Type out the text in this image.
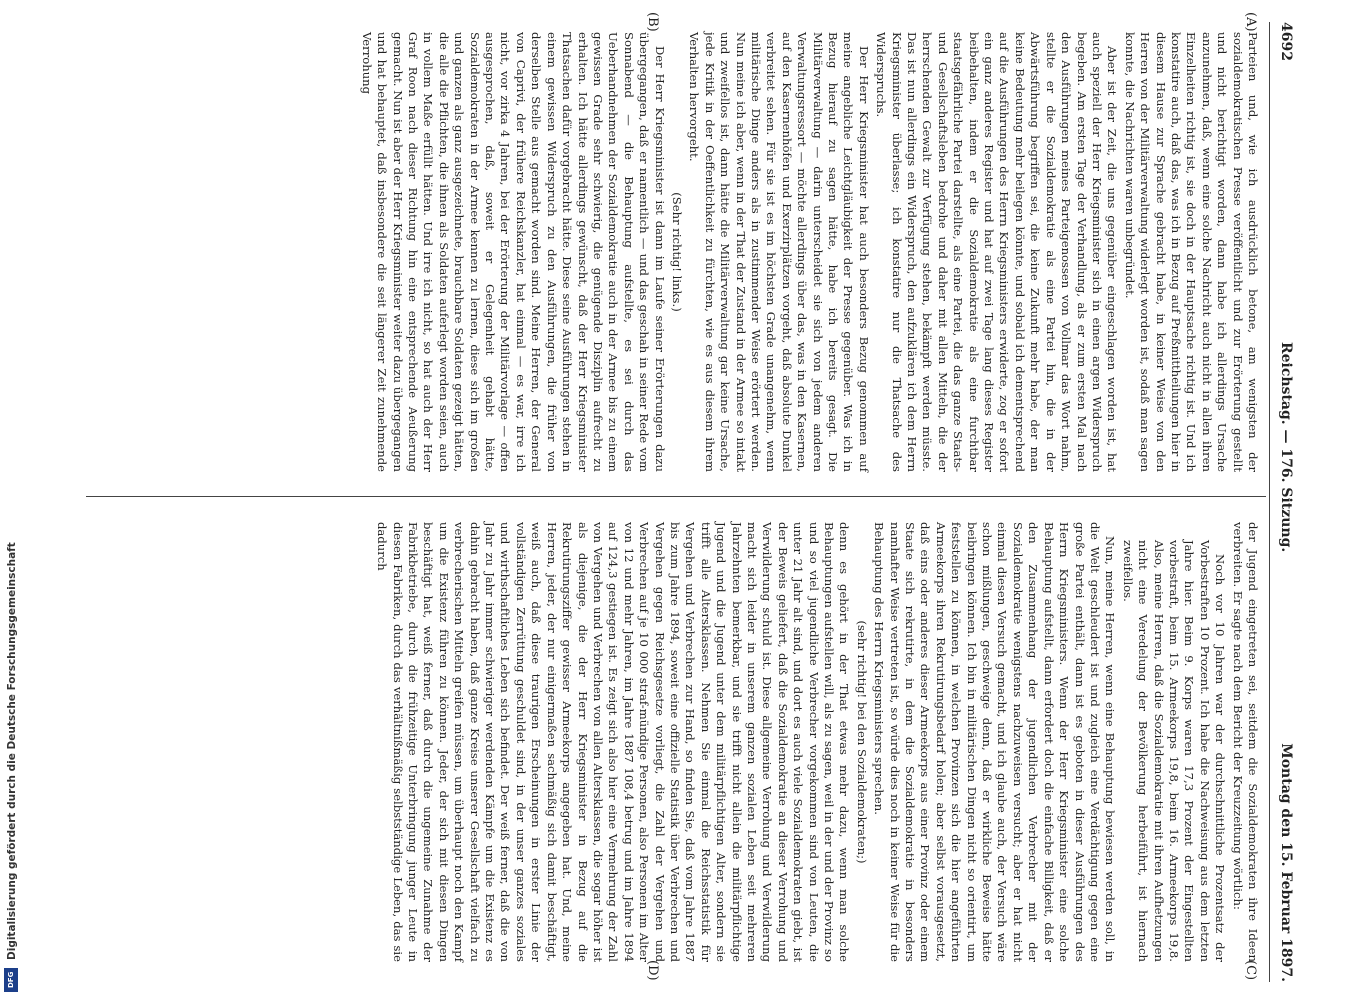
Digitalisierung gefördert durch die Deutsche Forschungsgemeinschaft
DFG
4692
Reichstag. — 176. Sitzung.
Montag den 15. Februar 1897.
(A)
(B)
(C)
(D)

Parteien und, wie ich ausdrücklich betone, am wenigsten der sozialdemokratischen Presse veröffentlicht und zur Erörterung gestellt und nicht berichtigt worden, dann habe ich allerdings Ursache anzunehmen, daß, wenn eine solche Nachricht auch nicht in allen ihren Einzelheiten richtig ist, sie doch in der Hauptsache richtig ist. Und ich konstatire auch, daß das, was ich in Bezug auf Preßmittheilungen hier in diesem Hause zur Sprache gebracht habe, in keiner Weise von den Herren von der Militärverwaltung widerlegt worden ist, sodaß man sagen konnte, die Nachrichten waren unbegründet.

Aber ist der Zeit, die uns gegenüber eingeschlagen worden ist, hat auch speziell der Herr Kriegsminister sich in einen argen Widerspruch begeben. Am ersten Tage der Verhandlung, als er zum ersten Mal nach den Ausführungen meines Parteigenossen von Vollmar das Wort nahm, stellte er die Sozialdemokratie als eine Partei hin, die in der Abwärtsführung begriffen sei, die keine Zukunft mehr habe, der man keine Bedeutung mehr beilegen könnte, und sobald ich dementsprechend auf die Ausführungen des Herrn Kriegsministers erwiderte, zog er sofort ein ganz anderes Register und hat auf zwei Tage lang dieses Register beibehalten, indem er die Sozialdemokratie als eine furchtbar staatsgefährliche Partei darstellte, als eine Partei, die das ganze Staats- und Gesellschaftsleben bedrohe und daher mit allen Mitteln, die der herrschenden Gewalt zur Verfügung stehen, bekämpft werden müsste. Das ist nun allerdings ein Widerspruch, den aufzuklären ich dem Herrn Kriegsminister überlasse; ich konstatire nur die Thatsache des Widerspruchs.

Der Herr Kriegsminister hat auch besonders Bezug genommen auf meine angebliche Leichtgläubigkeit der Presse gegenüber. Was ich in Bezug hierauf zu sagen hätte, habe ich bereits gesagt. Die Militärverwaltung — darin unterscheidet sie sich von jedem anderen Verwaltungsressort — möchte allerdings über das, was in den Kasernen, auf den Kasernenhöfen und Exerzirplätzen vorgeht, daß absolute Dunkel verbreitet sehen. Für sie ist es im höchsten Grade unangenehm, wenn militärische Dinge anders als in zustimmender Weise erörtert werden. Nun meine ich aber, wenn in der That der Zustand in der Armee so intakt und zweifellos ist, dann hätte die Militärverwaltung gar keine Ursache, jede Kritik in der Oeffentlichkeit zu fürchten, wie es aus diesem ihrem Verhalten hervorgeht.

(Sehr richtig! links.)

Der Herr Kriegsminister ist dann im Laufe seiner Erörterungen dazu übergegangen, daß er namentlich — und das geschah in seiner Rede vom Sonnabend — die Behauptung aufstellte, es sei durch das Ueberhandnehmen der Sozialdemokratie auch in der Armee bis zu einem gewissen Grade sehr schwierig, die genügende Disziplin aufrecht zu erhalten. Ich hätte allerdings gewünscht, daß der Herr Kriegsminister Thatsachen dafür vorgebracht hätte. Diese seine Ausführungen stehen in einem gewissen Widerspruch zu den Ausführungen, die früher von derselben Stelle aus gemacht worden sind. Meine Herren, der General von Caprivi, der frühere Reichskanzler, hat einmal — es war, irre ich nicht, vor zirka 4 Jahren, bei der Erörterung der Militärvorlage — offen ausgesprochen, daß, soweit er Gelegenheit gehabt hätte, Sozialdemokraten in der Armee kennen zu lernen, diese sich im großen und ganzen als ganz ausgezeichnete, brauchbare Soldaten gezeigt hätten, die alle die Pflichten, die ihnen als Soldaten auferlegt worden seien, auch in vollem Maße erfüllt hätten. Und irre ich nicht, so hat auch der Herr Graf Roon nach dieser Richtung hin eine entsprechende Aeußerung gemacht. Nun ist aber der Herr Kriegsminister weiter dazu übergegangen und hat behauptet, daß insbesondere die seit längerer Zeit zunehmende Verrohung

der Jugend eingetreten sei, seitdem die Sozialdemokraten ihre Ideen verbreiten. Er sagte nach dem Bericht der Kreuzzeitung wörtlich:

Noch vor 10 Jahren war der durchschnittliche Prozentsatz der Vorbestraften 10 Prozent. Ich habe die Nachweisung aus dem letzten Jahre hier. Beim 9. Korps waren 17,3 Prozent der Eingestellten vorbestraft, beim 15. Armeekorps 19,8, beim 16. Armeekorps 19,8. Also, meine Herren, daß die Sozialdemokratie mit ihren Aufhetzungen nicht eine Veredelung der Bevölkerung herbeiführt, ist hiernach zweifellos.

Nun, meine Herren, wenn eine Behauptung bewiesen werden soll, in die Welt geschleudert ist und zugleich eine Verdächtigung gegen eine große Partei enthält, dann ist es geboten in dieser Ausführungen des Herrn Kriegsministers. Wenn der Herr Kriegsminister eine solche Behauptung aufstellt, dann erfordert doch die einfache Billigkeit, daß er den Zusammenhang der jugendlichen Verbrecher mit der Sozialdemokratie wenigstens nachzuweisen versucht; aber er hat nicht einmal diesen Versuch gemacht, und ich glaube auch, der Versuch wäre schon mißlungen, geschweige denn, daß er wirkliche Beweise hätte beibringen können. Ich bin in militärischen Dingen nicht so orientirt, um feststellen zu können, in welchen Provinzen sich die hier angeführten Armeekorps ihren Rekrutirungsbedarf holen; aber selbst vorausgesetzt, daß eins oder anderes dieser Armeekorps aus einer Provinz oder einem Staate sich rekrutirte, in dem die Sozialdemokratie in besonders namhafter Weise vertreten ist, so würde dies noch in keiner Weise für die Behauptung des Herrn Kriegsministers sprechen.

(sehr richtig! bei den Sozialdemokraten;)

denn es gehört in der That etwas mehr dazu, wenn man solche Behauptungen aufstellen will, als zu sagen, weil in der und der Provinz so und so viel jugendliche Verbrecher vorgekommen sind von Leuten, die unter 21 Jahr alt sind, und dort es auch viele Sozialdemokraten giebt, ist der Beweis geliefert, daß die Sozialdemokratie an dieser Verrohung und Verwilderung schuld ist. Diese allgemeine Verrohung und Verwilderung macht sich leider in unserem ganzen sozialen Leben seit mehreren Jahrzehnten bemerkbar, und sie trifft nicht allein die militärpflichtige Jugend und die Jugend unter dem militärpflichtigen Alter, sondern sie trifft alle Altersklassen. Nehmen Sie einmal die Reichsstatistik für Vergehen und Verbrechen zur Hand, so finden Sie, daß vom Jahre 1887 bis zum Jahre 1894, soweit eine offizielle Statistik über Verbrechen und Vergehen gegen Reichsgesetze vorliegt, die Zahl der Vergehen und Verbrechen auf je 10 000 straf-mündige Personen, also Personen im Alter von 12 und mehr Jahren, im Jahre 1887 108,4 betrug und im Jahre 1894 auf 124,3 gestiegen ist. Es zeigt sich also hier eine Vermehrung der Zahl von Vergehen und Verbrechen von allen Altersklassen, die sogar höher ist als diejenige, die der Herr Kriegsminister in Bezug auf die Rekrutirungsziffer gewisser Armeekorps angegeben hat. Und, meine Herren, jeder, der nur einigermaßen sachmäßig sich damit beschäftigt, weiß auch, daß diese traurigen Erscheinungen in erster Linie der vollständigen Zerrüttung geschuldet sind, in der unser ganzes soziales und wirthschaftliches Leben sich befindet. Der weiß ferner, daß die von Jahr zu Jahr immer schwieriger werdenden Kämpfe um die Existenz es dahin gebracht haben, daß ganze Kreise unserer Gesellschaft vielfach zu verbrecherischen Mitteln greifen müssen, um überhaupt noch den Kampf um die Existenz führen zu können. Jeder, der sich mit diesen Dingen beschäftigt hat, weiß ferner, daß durch die ungemeine Zunahme der Fabrikbetriebe, durch die frühzeitige Unterbringung junger Leute in diesen Fabriken, durch das verhältnißmäßig selbstständige Leben, das sie dadurch
